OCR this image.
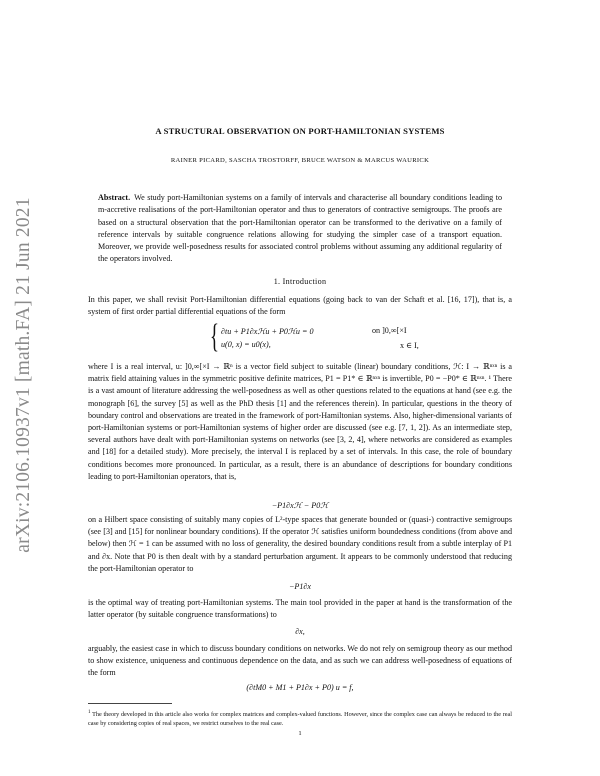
arXiv:2106.10937v1 [math.FA] 21 Jun 2021
A STRUCTURAL OBSERVATION ON PORT-HAMILTONIAN SYSTEMS
RAINER PICARD, SASCHA TROSTORFF, BRUCE WATSON & MARCUS WAURICK
Abstract. We study port-Hamiltonian systems on a family of intervals and characterise all boundary conditions leading to m-accretive realisations of the port-Hamiltonian operator and thus to generators of contractive semigroups. The proofs are based on a structural observation that the port-Hamiltonian operator can be transformed to the derivative on a family of reference intervals by suitable congruence relations allowing for studying the simpler case of a transport equation. Moreover, we provide well-posedness results for associated control problems without assuming any additional regularity of the operators involved.
1. Introduction

In this paper, we shall revisit Port-Hamiltonian differential equations (going back to van der Schaft et al. [16, 17]), that is, a system of first order partial differential equations of the form

{ ∂tu + P1∂xℋu + P0ℋu = 0	on ]0,∞[×I
u(0, x) = u0(x),	x ∈ I,

where I is a real interval, u: ]0,∞[×I → ℝⁿ is a vector field subject to suitable (linear) boundary conditions, ℋ: I → ℝⁿˣⁿ is a matrix field attaining values in the symmetric positive definite matrices, P1 = P1* ∈ ℝⁿˣⁿ is invertible, P0 = −P0* ∈ ℝⁿˣⁿ. ¹ There is a vast amount of literature addressing the well-posedness as well as other questions related to the equations at hand (see e.g. the monograph [6], the survey [5] as well as the PhD thesis [1] and the references therein). In particular, questions in the theory of boundary control and observations are treated in the framework of port-Hamiltonian systems. Also, higher-dimensional variants of port-Hamiltonian systems or port-Hamiltonian systems of higher order are discussed (see e.g. [7, 1, 2]). As an intermediate step, several authors have dealt with port-Hamiltonian systems on networks (see [3, 2, 4], where networks are considered as examples and [18] for a detailed study). More precisely, the interval I is replaced by a set of intervals. In this case, the role of boundary conditions becomes more pronounced. In particular, as a result, there is an abundance of descriptions for boundary conditions leading to port-Hamiltonian operators, that is,

−P1∂xℋ − P0ℋ

on a Hilbert space consisting of suitably many copies of L²-type spaces that generate bounded or (quasi-) contractive semigroups (see [3] and [15] for nonlinear boundary conditions). If the operator ℋ satisfies uniform boundedness conditions (from above and below) then ℋ = 1 can be assumed with no loss of generality, the desired boundary conditions result from a subtle interplay of P1 and ∂x. Note that P0 is then dealt with by a standard perturbation argument. It appears to be commonly understood that reducing the port-Hamiltonian operator to

−P1∂x

is the optimal way of treating port-Hamiltonian systems. The main tool provided in the paper at hand is the transformation of the latter operator (by suitable congruence transformations) to

∂x,

arguably, the easiest case in which to discuss boundary conditions on networks. We do not rely on semigroup theory as our method to show existence, uniqueness and continuous dependence on the data, and as such we can address well-posedness of equations of the form

(∂tM0 + M1 + P1∂x + P0) u = f,
$^1$ The theory developed in this article also works for complex matrices and complex-valued functions. However, since the complex case can always be reduced to the real case by considering copies of real spaces, we restrict ourselves to the real case.
1
